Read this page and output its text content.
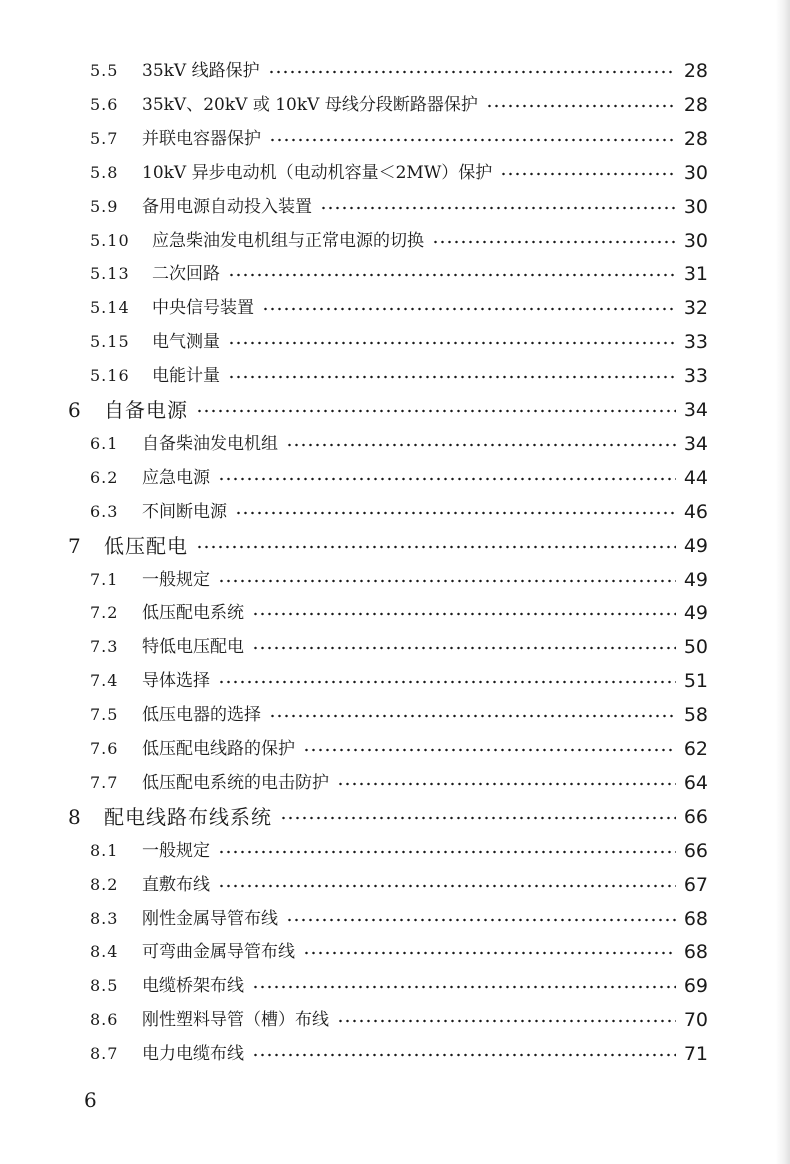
5.5 35kV 线路保护	28
5.6 35kV、20kV 或 10kV 母线分段断路器保护	28
5.7 并联电容器保护	28
5.8 10kV 异步电动机（电动机容量＜2MW）保护	30
5.9 备用电源自动投入装置	30
5.10 应急柴油发电机组与正常电源的切换	30
5.13 二次回路	31
5.14 中央信号装置	32
5.15 电气测量	33
5.16 电能计量	33
6 自备电源	34
6.1 自备柴油发电机组	34
6.2 应急电源	44
6.3 不间断电源	46
7 低压配电	49
7.1 一般规定	49
7.2 低压配电系统	49
7.3 特低电压配电	50
7.4 导体选择	51
7.5 低压电器的选择	58
7.6 低压配电线路的保护	62
7.7 低压配电系统的电击防护	64
8 配电线路布线系统	66
8.1 一般规定	66
8.2 直敷布线	67
8.3 刚性金属导管布线	68
8.4 可弯曲金属导管布线	68
8.5 电缆桥架布线	69
8.6 刚性塑料导管（槽）布线	70
8.7 电力电缆布线	71
6
